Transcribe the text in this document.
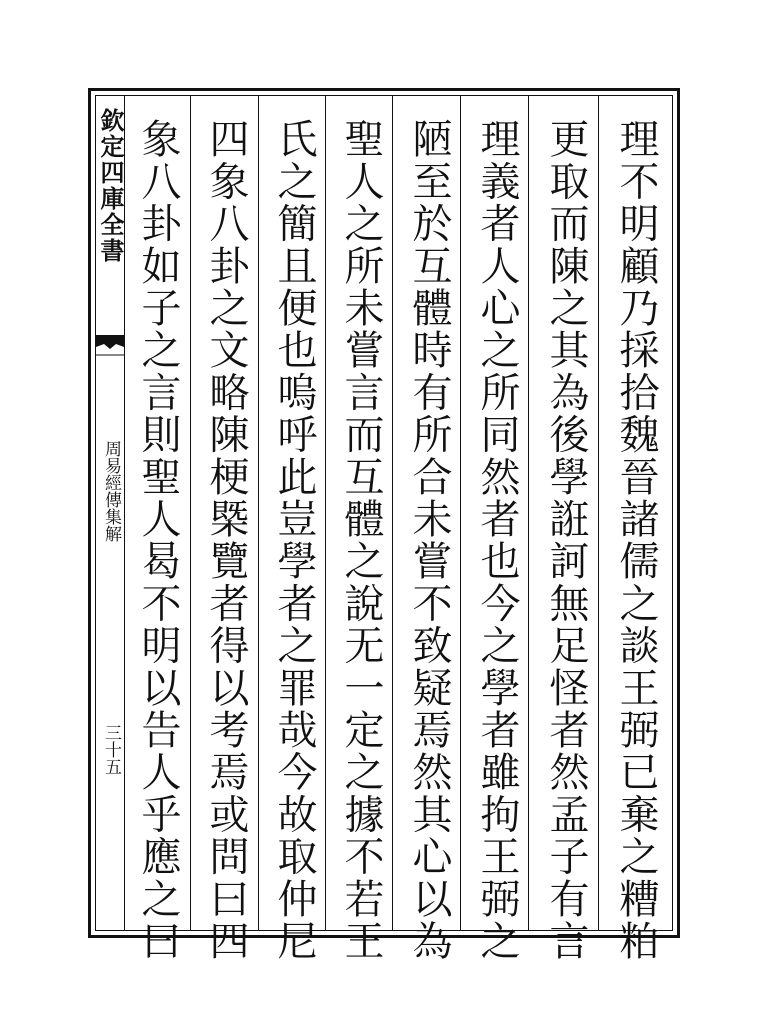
欽定四庫全書
周易經傳集解
三十五	理不明顧乃採拾魏晉諸儒之談王弼已棄之糟粕
更取而陳之其為後學誑訶無足怪者然孟子有言
理義者人心之所同然者也今之學者雖拘王弼之
陋至於互體時有所合未嘗不致疑焉然其心以為
聖人之所未嘗言而互體之說无一定之據不若王
氏之簡且便也嗚呼此豈學者之罪哉今故取仲尼
四象八卦之文略陳梗槩覽者得以考焉或問曰四
象八卦如子之言則聖人曷不明以告人乎應之曰
